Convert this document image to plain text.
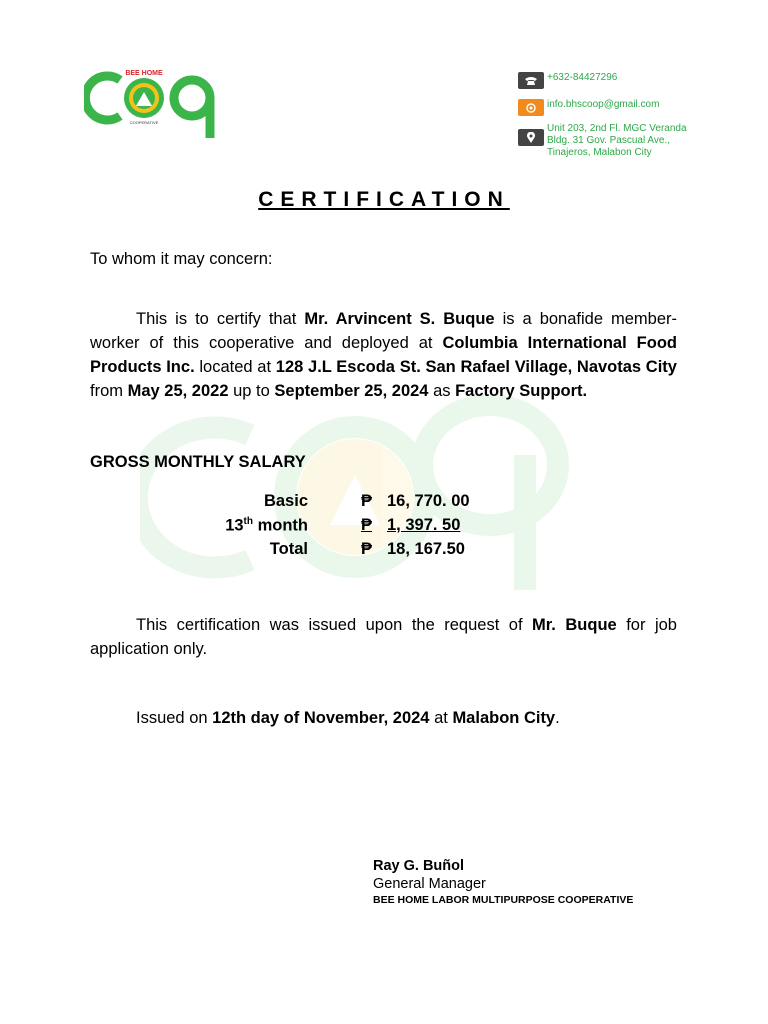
BEE HOME
COOPERATIVE
+632-84427296
info.bhscoop@gmail.com
Unit 203, 2nd Fl. MGC Veranda
Bldg. 31 Gov. Pascual Ave.,
Tinajeros, Malabon City
CERTIFICATION
To whom it may concern:
This is to certify that Mr. Arvincent S. Buque is a bonafide member-worker of this cooperative and deployed at Columbia International Food Products Inc. located at 128 J.L Escoda St. San Rafael Village, Navotas City from May 25, 2022 up to September 25, 2024 as Factory Support.
GROSS MONTHLY SALARY
Basic	₱ 16, 770. 00
13th month	₱ 1, 397. 50
Total	₱ 18, 167.50
This certification was issued upon the request of Mr. Buque for job application only.
Issued on 12th day of November, 2024 at Malabon City.
Ray G. Buñol
General Manager
BEE HOME LABOR MULTIPURPOSE COOPERATIVE
